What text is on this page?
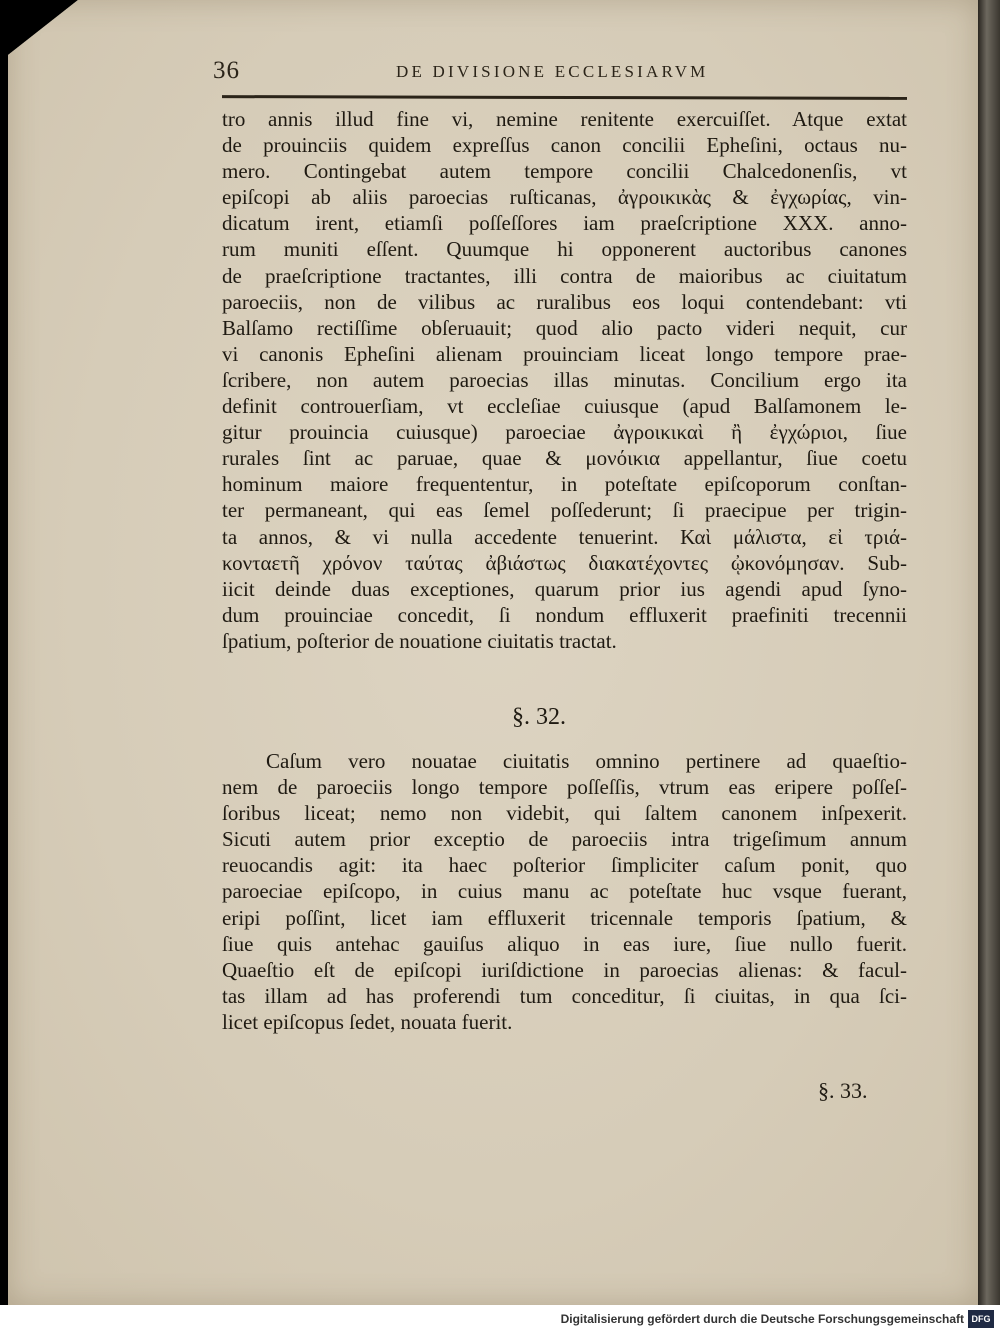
36	DE DIVISIONE ECCLESIARVM
tro annis illud fine vi, nemine renitente exercuiſſet. Atque extat
de prouinciis quidem expreſſus canon concilii Epheſini, octaus nu-
mero. Contingebat autem tempore concilii Chalcedonenſis, vt
epiſcopi ab aliis paroecias ruſticanas, ἀγροικικὰς & ἐγχωρίας, vin-
dicatum irent, etiamſi poſſeſſores iam praeſcriptione XXX. anno-
rum muniti eſſent. Quumque hi opponerent auctoribus canones
de praeſcriptione tractantes, illi contra de maioribus ac ciuitatum
paroeciis, non de vilibus ac ruralibus eos loqui contendebant: vti
Balſamo rectiſſime obſeruauit; quod alio pacto videri nequit, cur
vi canonis Epheſini alienam prouinciam liceat longo tempore prae-
ſcribere, non autem paroecias illas minutas. Concilium ergo ita
definit controuerſiam, vt eccleſiae cuiusque (apud Balſamonem le-
gitur prouincia cuiusque) paroeciae ἀγροικικαὶ ἢ ἐγχώριοι, ſiue
rurales ſint ac paruae, quae & μονόικια appellantur, ſiue coetu
hominum maiore frequententur, in poteſtate epiſcoporum conſtan-
ter permaneant, qui eas ſemel poſſederunt; ſi praecipue per trigin-
ta annos, & vi nulla accedente tenuerint. Καὶ μάλιστα, εἰ τριά-
κονταετῆ χρόνον ταύτας ἀβιάστως διακατέχοντες ᾠκονόμησαν. Sub-
iicit deinde duas exceptiones, quarum prior ius agendi apud ſyno-
dum prouinciae concedit, ſi nondum effluxerit praefiniti trecennii
ſpatium, poſterior de nouatione ciuitatis tractat.
§. 32.
Caſum vero nouatae ciuitatis omnino pertinere ad quaeſtio-
nem de paroeciis longo tempore poſſeſſis, vtrum eas eripere poſſeſ-
ſoribus liceat; nemo non videbit, qui ſaltem canonem inſpexerit.
Sicuti autem prior exceptio de paroeciis intra trigeſimum annum
reuocandis agit: ita haec poſterior ſimpliciter caſum ponit, quo
paroeciae epiſcopo, in cuius manu ac poteſtate huc vsque fuerant,
eripi poſſint, licet iam effluxerit tricennale temporis ſpatium, &
ſiue quis antehac gauiſus aliquo in eas iure, ſiue nullo fuerit.
Quaeſtio eſt de epiſcopi iuriſdictione in paroecias alienas: & facul-
tas illam ad has proferendi tum conceditur, ſi ciuitas, in qua ſci-
licet epiſcopus ſedet, nouata fuerit.
§. 33.
Digitalisierung gefördert durch die Deutsche Forschungsgemeinschaft DFG
